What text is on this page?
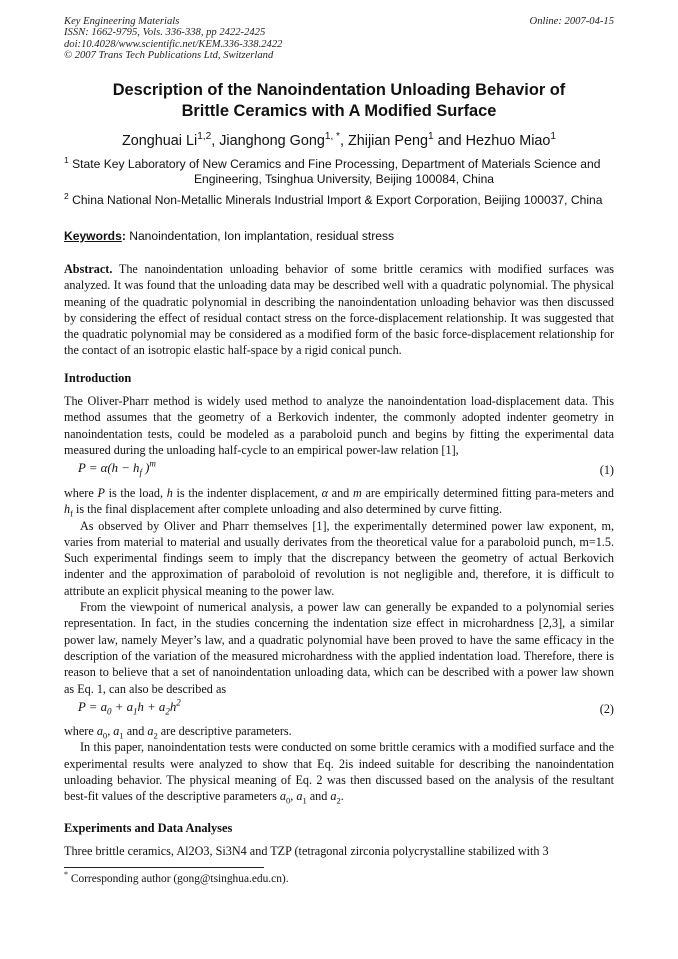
Key Engineering Materials
ISSN: 1662-9795, Vols. 336-338, pp 2422-2425
doi:10.4028/www.scientific.net/KEM.336-338.2422
© 2007 Trans Tech Publications Ltd, Switzerland
Online: 2007-04-15
Description of the Nanoindentation Unloading Behavior of
Brittle Ceramics with A Modified Surface
Zonghuai Li$^{1,2}$, Jianghong Gong$^{1, *}$, Zhijian Peng$^1$ and Hezhuo Miao$^1$
$^1$ State Key Laboratory of New Ceramics and Fine Processing, Department of Materials Science and
Engineering, Tsinghua University, Beijing 100084, China
$^2$ China National Non-Metallic Minerals Industrial Import & Export Corporation, Beijing 100037, China
Keywords: Nanoindentation, Ion implantation, residual stress

Abstract. The nanoindentation unloading behavior of some brittle ceramics with modified surfaces was analyzed. It was found that the unloading data may be described well with a quadratic polynomial. The physical meaning of the quadratic polynomial in describing the nanoindentation unloading behavior was then discussed by considering the effect of residual contact stress on the force-displacement relationship. It was suggested that the quadratic polynomial may be considered as a modified form of the basic force-displacement relationship for the contact of an isotropic elastic half-space by a rigid conical punch.

Introduction

The Oliver-Pharr method is widely used method to analyze the nanoindentation load-displacement data. This method assumes that the geometry of a Berkovich indenter, the commonly adopted indenter geometry in nanoindentation tests, could be modeled as a paraboloid punch and begins by fitting the experimental data measured during the unloading half-cycle to an empirical power-law relation [1],

$P = \alpha(h - h_f$ )$^m$	(1)

where P is the load, h is the indenter displacement, α and m are empirically determined fitting para-meters and $h_f$ is the final displacement after complete unloading and also determined by curve fitting.

As observed by Oliver and Pharr themselves [1], the experimentally determined power law exponent, m, varies from material to material and usually derivates from the theoretical value for a paraboloid punch, m=1.5. Such experimental findings seem to imply that the discrepancy between the geometry of actual Berkovich indenter and the approximation of paraboloid of revolution is not negligible and, therefore, it is difficult to attribute an explicit physical meaning to the power law.

From the viewpoint of numerical analysis, a power law can generally be expanded to a polynomial series representation. In fact, in the studies concerning the indentation size effect in microhardness [2,3], a similar power law, namely Meyer’s law, and a quadratic polynomial have been proved to have the same efficacy in the description of the variation of the measured microhardness with the applied indentation load. Therefore, there is reason to believe that a set of nanoindentation unloading data, which can be described with a power law shown as Eq. 1, can also be described as

$P = a_0 + a_1h + a_2h^2$	(2)

where $a_0$, $a_1$ and $a_2$ are descriptive parameters.

In this paper, nanoindentation tests were conducted on some brittle ceramics with a modified surface and the experimental results were analyzed to show that Eq. 2is indeed suitable for describing the nanoindentation unloading behavior. The physical meaning of Eq. 2 was then discussed based on the analysis of the resultant best-fit values of the descriptive parameters $a_0$, $a_1$ and $a_2$.

Experiments and Data Analyses

Three brittle ceramics, Al2O3, Si3N4 and TZP (tetragonal zirconia polycrystalline stabilized with 3

* Corresponding author (gong@tsinghua.edu.cn).
